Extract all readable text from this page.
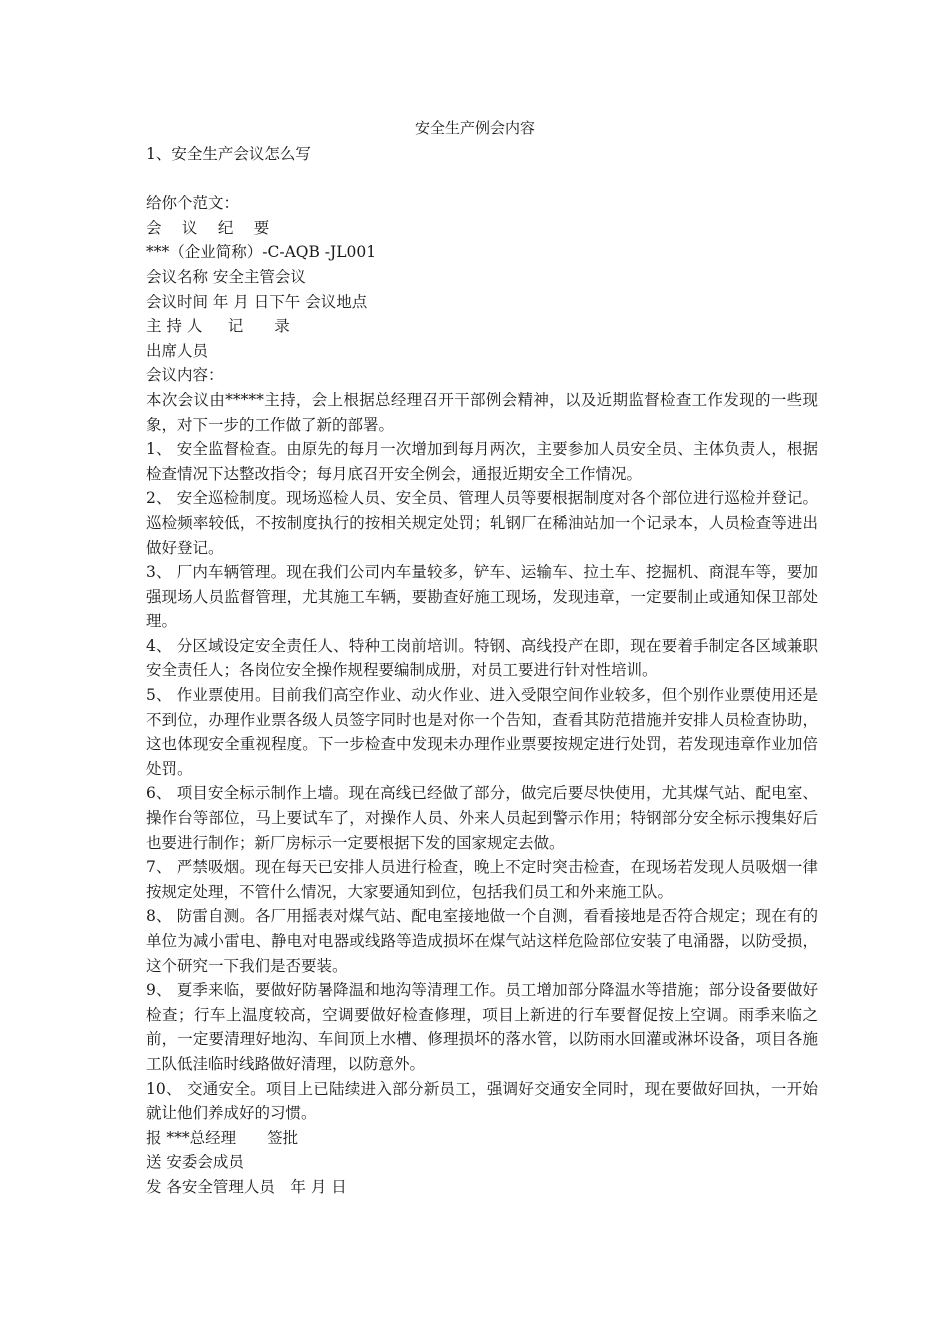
安全生产例会内容
1、安全生产会议怎么写
给你个范文：
会　 议　 纪　 要
***（企业简称）-C-AQB -JL001
会议名称 安全主管会议
会议时间 年 月 日下午 会议地点
主 持 人　  记　　录
出席人员
会议内容：
本次会议由*****主持，会上根据总经理召开干部例会精神，以及近期监督检查工作发现的一些现象，对下一步的工作做了新的部署。
1、 安全监督检查。由原先的每月一次增加到每月两次，主要参加人员安全员、主体负责人，根据检查情况下达整改指令；每月底召开安全例会，通报近期安全工作情况。
2、 安全巡检制度。现场巡检人员、安全员、管理人员等要根据制度对各个部位进行巡检并登记。巡检频率较低，不按制度执行的按相关规定处罚；轧钢厂在稀油站加一个记录本，人员检查等进出做好登记。
3、 厂内车辆管理。现在我们公司内车量较多，铲车、运输车、拉土车、挖掘机、商混车等，要加强现场人员监督管理，尤其施工车辆，要勘查好施工现场，发现违章，一定要制止或通知保卫部处理。
4、 分区域设定安全责任人、特种工岗前培训。特钢、高线投产在即，现在要着手制定各区域兼职安全责任人；各岗位安全操作规程要编制成册，对员工要进行针对性培训。
5、 作业票使用。目前我们高空作业、动火作业、进入受限空间作业较多，但个别作业票使用还是不到位，办理作业票各级人员签字同时也是对你一个告知，查看其防范措施并安排人员检查协助，这也体现安全重视程度。下一步检查中发现未办理作业票要按规定进行处罚，若发现违章作业加倍处罚。
6、 项目安全标示制作上墙。现在高线已经做了部分，做完后要尽快使用，尤其煤气站、配电室、操作台等部位，马上要试车了，对操作人员、外来人员起到警示作用；特钢部分安全标示搜集好后也要进行制作；新厂房标示一定要根据下发的国家规定去做。
7、 严禁吸烟。现在每天已安排人员进行检查，晚上不定时突击检查，在现场若发现人员吸烟一律按规定处理，不管什么情况，大家要通知到位，包括我们员工和外来施工队。
8、 防雷自测。各厂用摇表对煤气站、配电室接地做一个自测，看看接地是否符合规定；现在有的单位为减小雷电、静电对电器或线路等造成损坏在煤气站这样危险部位安装了电涌器，以防受损，这个研究一下我们是否要装。
9、 夏季来临，要做好防暑降温和地沟等清理工作。员工增加部分降温水等措施；部分设备要做好检查；行车上温度较高，空调要做好检查修理，项目上新进的行车要督促按上空调。雨季来临之前，一定要清理好地沟、车间顶上水槽、修理损坏的落水管，以防雨水回灌或淋坏设备，项目各施工队低洼临时线路做好清理，以防意外。
10、 交通安全。项目上已陆续进入部分新员工，强调好交通安全同时，现在要做好回执，一开始就让他们养成好的习惯。
报 ***总经理　　签批
送 安委会成员
发 各安全管理人员　年 月 日
